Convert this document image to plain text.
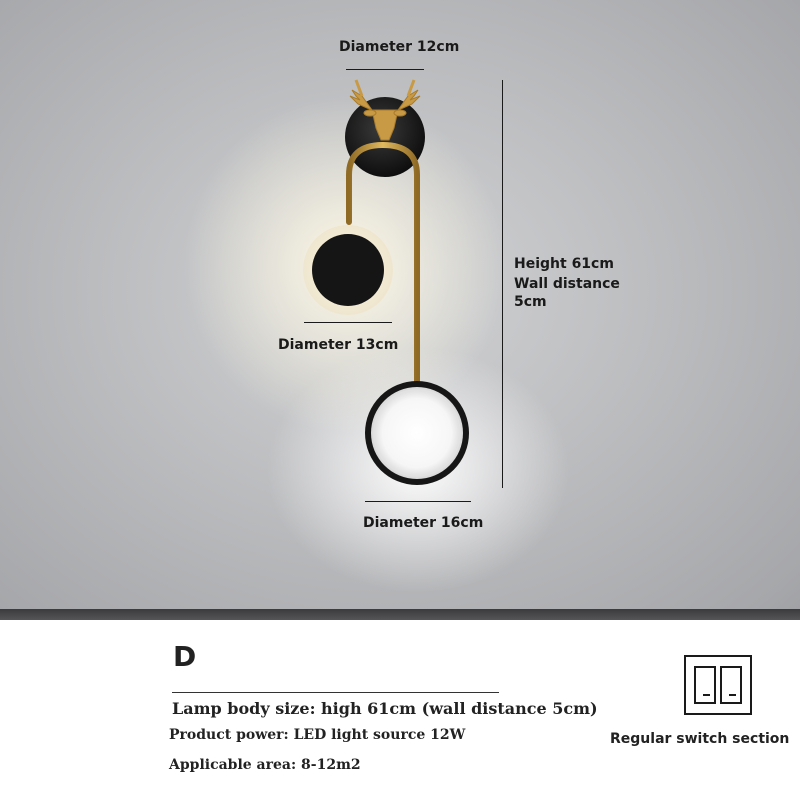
Diameter 12cm
Diameter 13cm
Diameter 16cm
Height 61cm
Wall distance
5cm
D
Lamp body size: high 61cm (wall distance 5cm)
Product power: LED light source 12W
Applicable area: 8-12m2
Regular switch section
